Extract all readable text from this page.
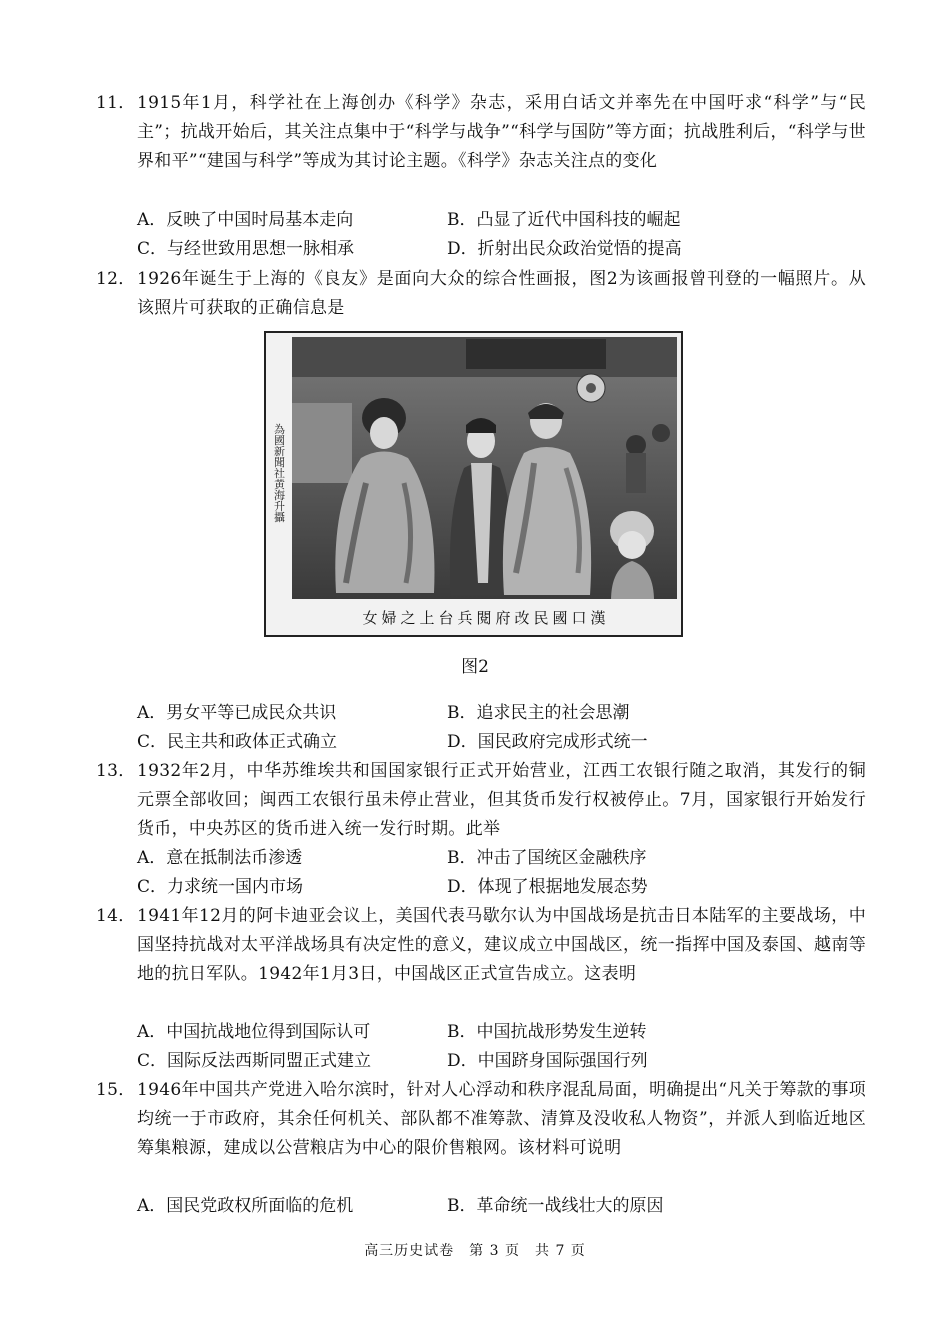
11． 1915年1月，科学社在上海创办《科学》杂志，采用白话文并率先在中国吁求“科学”与“民主”；抗战开始后，其关注点集中于“科学与战争”“科学与国防”等方面；抗战胜利后，“科学与世界和平”“建国与科学”等成为其讨论主题。《科学》杂志关注点的变化
A．反映了中国时局基本走向	B．凸显了近代中国科技的崛起
C．与经世致用思想一脉相承	D．折射出民众政治觉悟的提高
12． 1926年诞生于上海的《良友》是面向大众的综合性画报，图2为该画报曾刊登的一幅照片。从该照片可获取的正确信息是
為國新聞社黄海升攝
女婦之上台兵閱府改民國口漢
图2
A．男女平等已成民众共识	B．追求民主的社会思潮
C．民主共和政体正式确立	D．国民政府完成形式统一
13． 1932年2月，中华苏维埃共和国国家银行正式开始营业，江西工农银行随之取消，其发行的铜元票全部收回；闽西工农银行虽未停止营业，但其货币发行权被停止。7月，国家银行开始发行货币，中央苏区的货币进入统一发行时期。此举
A．意在抵制法币渗透	B．冲击了国统区金融秩序
C．力求统一国内市场	D．体现了根据地发展态势
14． 1941年12月的阿卡迪亚会议上，美国代表马歇尔认为中国战场是抗击日本陆军的主要战场，中国坚持抗战对太平洋战场具有决定性的意义，建议成立中国战区，统一指挥中国及泰国、越南等地的抗日军队。1942年1月3日，中国战区正式宣告成立。这表明
A．中国抗战地位得到国际认可	B．中国抗战形势发生逆转
C．国际反法西斯同盟正式建立	D．中国跻身国际强国行列
15． 1946年中国共产党进入哈尔滨时，针对人心浮动和秩序混乱局面，明确提出“凡关于筹款的事项均统一于市政府，其余任何机关、部队都不准筹款、清算及没收私人物资”，并派人到临近地区筹集粮源，建成以公营粮店为中心的限价售粮网。该材料可说明
A．国民党政权所面临的危机	B．革命统一战线壮大的原因
高三历史试卷　第 3 页　共 7 页
